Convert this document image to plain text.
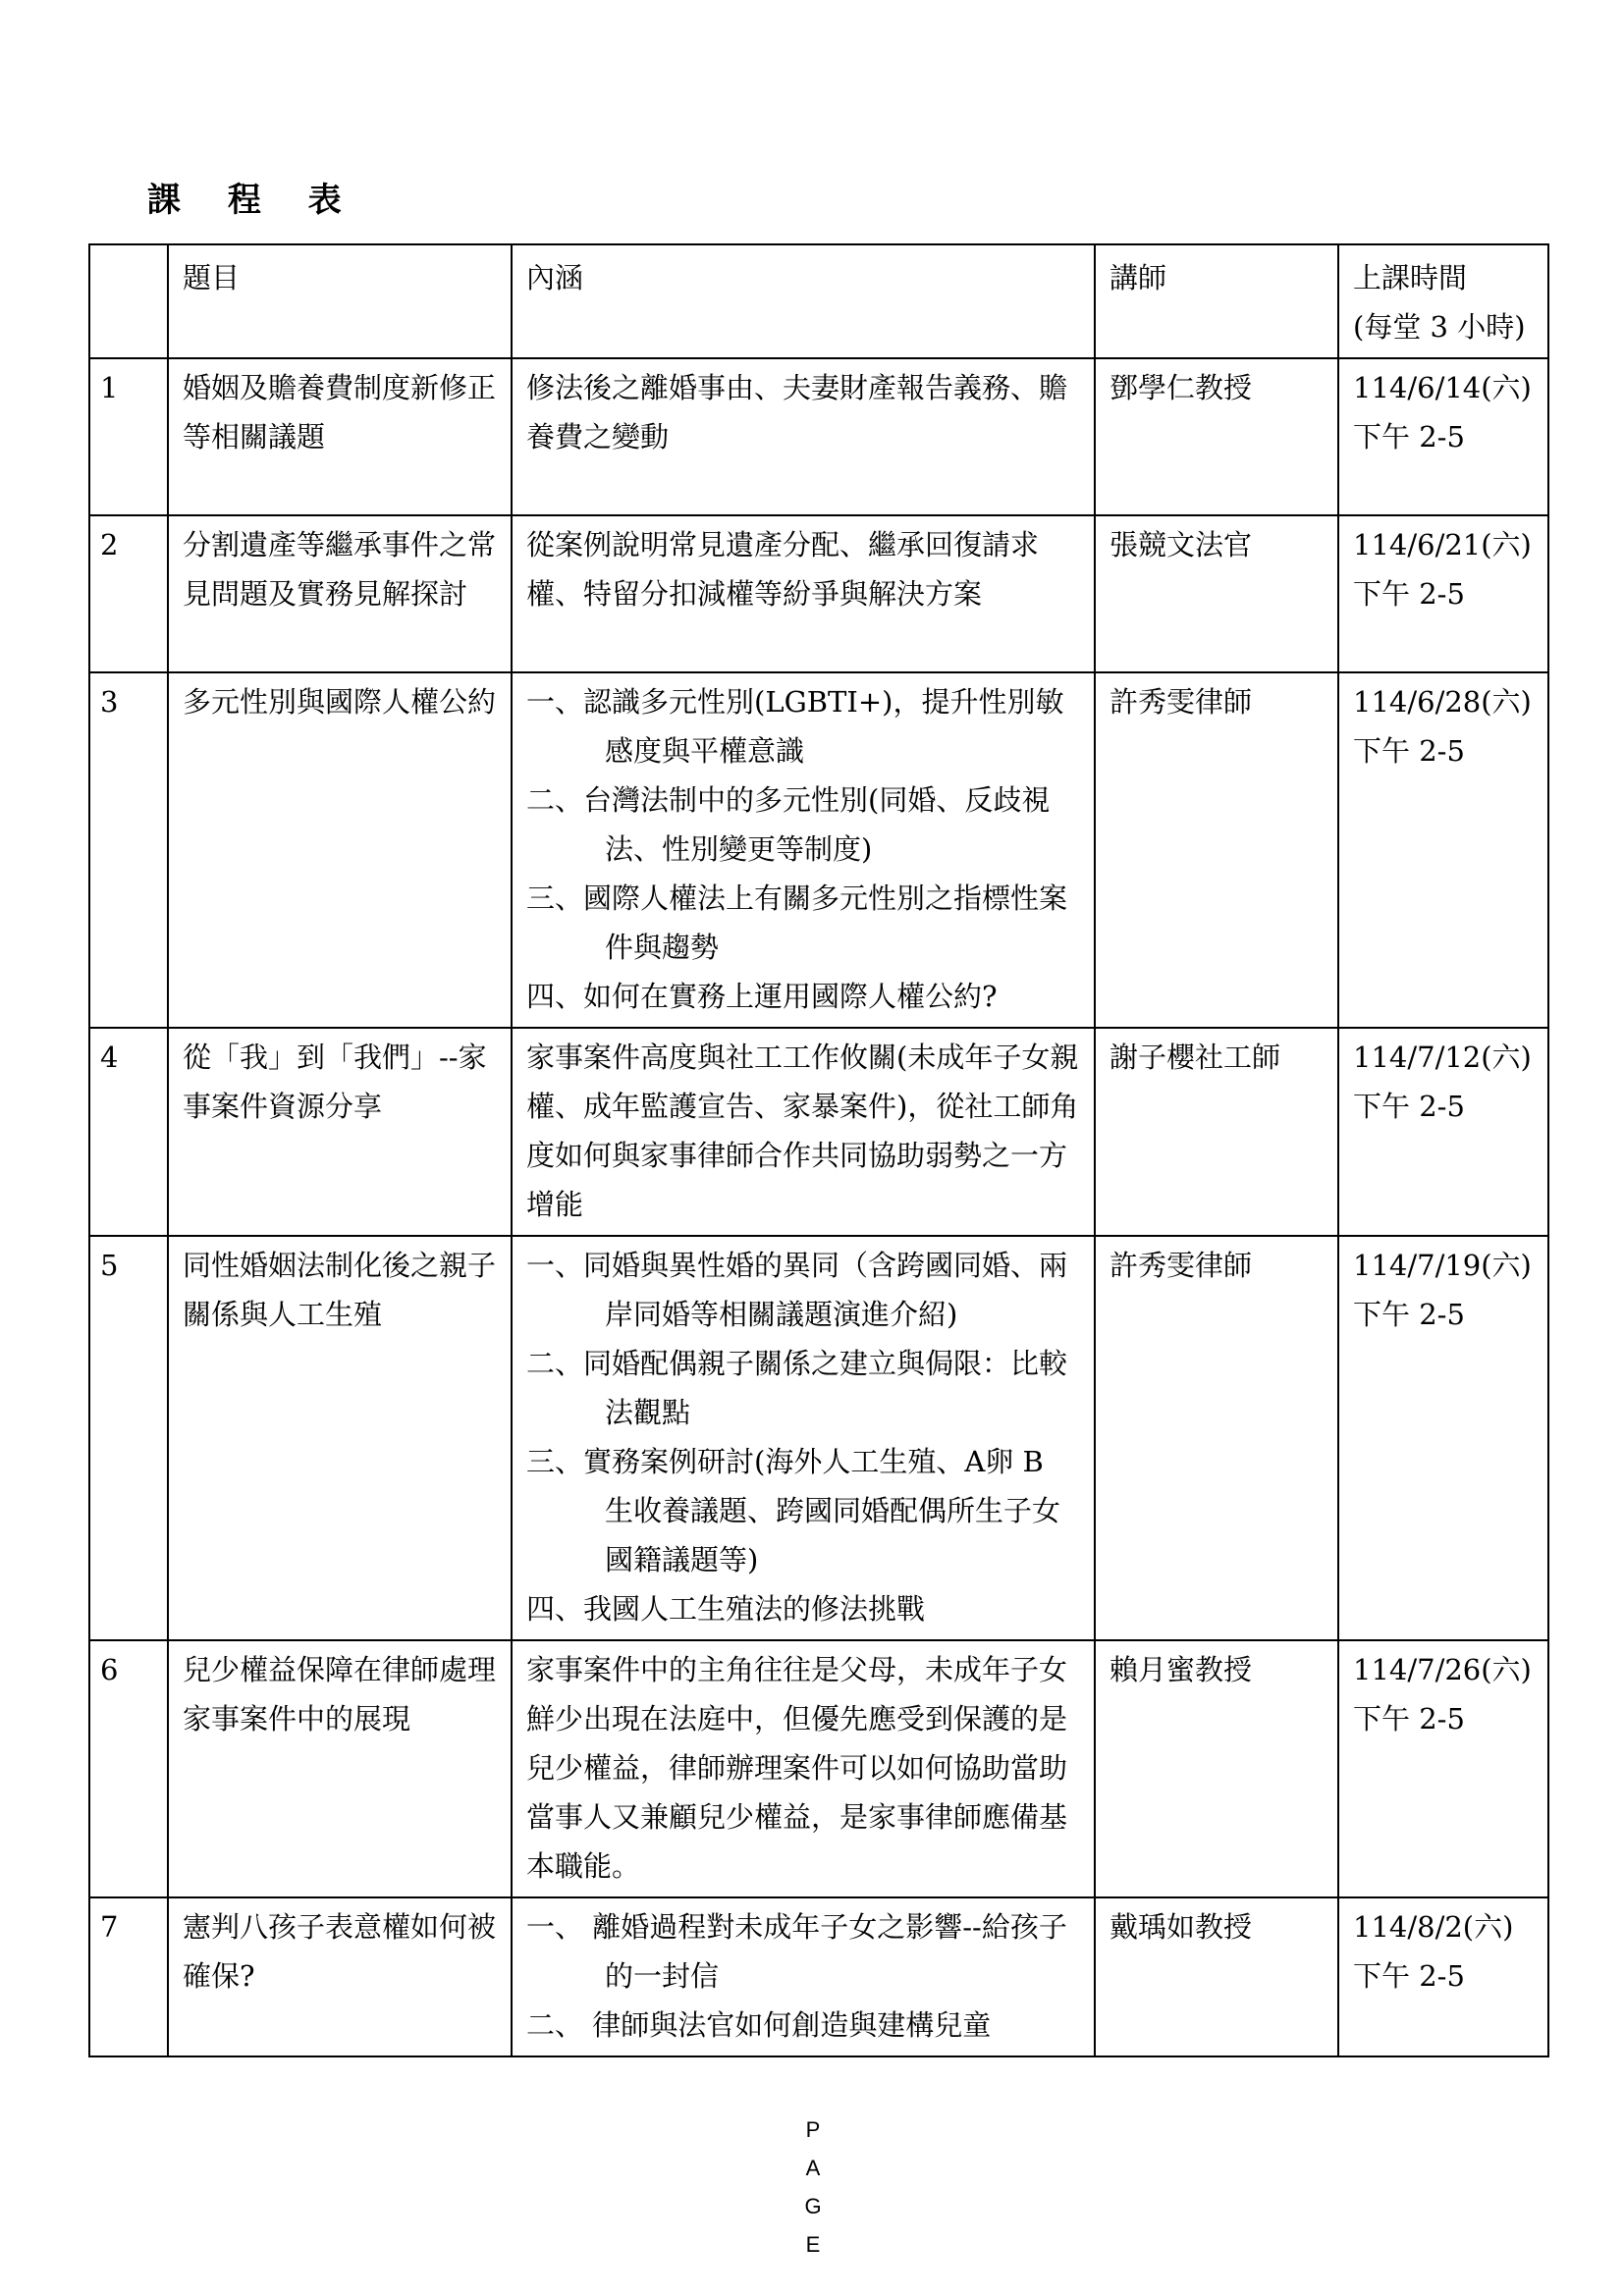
課 程 表
	題目	內涵	講師	上課時間
(每堂 3 小時)

1	婚姻及贍養費制度新修正等相關議題	修法後之離婚事由、夫妻財產報告義務、贍養費之變動	鄧學仁教授	114/6/14(六)
下午 2-5

2	分割遺產等繼承事件之常見問題及實務見解探討	從案例說明常見遺產分配、繼承回復請求權、特留分扣減權等紛爭與解決方案	張競文法官	114/6/21(六)
下午 2-5

3	多元性別與國際人權公約	一、認識多元性別(LGBTI+)，提升性別敏感度與平權意識
二、台灣法制中的多元性別(同婚、反歧視法、性別變更等制度)
三、國際人權法上有關多元性別之指標性案件與趨勢
四、如何在實務上運用國際人權公約?	許秀雯律師	114/6/28(六)
下午 2-5

4	從「我」到「我們」--家事案件資源分享	家事案件高度與社工工作攸關(未成年子女親權、成年監護宣告、家暴案件)，從社工師角度如何與家事律師合作共同協助弱勢之一方增能	謝子櫻社工師	114/7/12(六)
下午 2-5

5	同性婚姻法制化後之親子關係與人工生殖	一、同婚與異性婚的異同（含跨國同婚、兩岸同婚等相關議題演進介紹)
二、同婚配偶親子關係之建立與侷限：比較法觀點
三、實務案例研討(海外人工生殖、A卵 B 生收養議題、跨國同婚配偶所生子女國籍議題等)
四、我國人工生殖法的修法挑戰	許秀雯律師	114/7/19(六)
下午 2-5

6	兒少權益保障在律師處理家事案件中的展現	家事案件中的主角往往是父母，未成年子女鮮少出現在法庭中，但優先應受到保護的是兒少權益，律師辦理案件可以如何協助當助當事人又兼顧兒少權益，是家事律師應備基本職能。	賴月蜜教授	114/7/26(六)
下午 2-5

7	憲判八孩子表意權如何被確保?	一、 離婚過程對未成年子女之影響--給孩子的一封信
二、 律師與法官如何創造與建構兒童	戴瑀如教授	114/8/2(六)
下午 2-5
P
A
G
E
